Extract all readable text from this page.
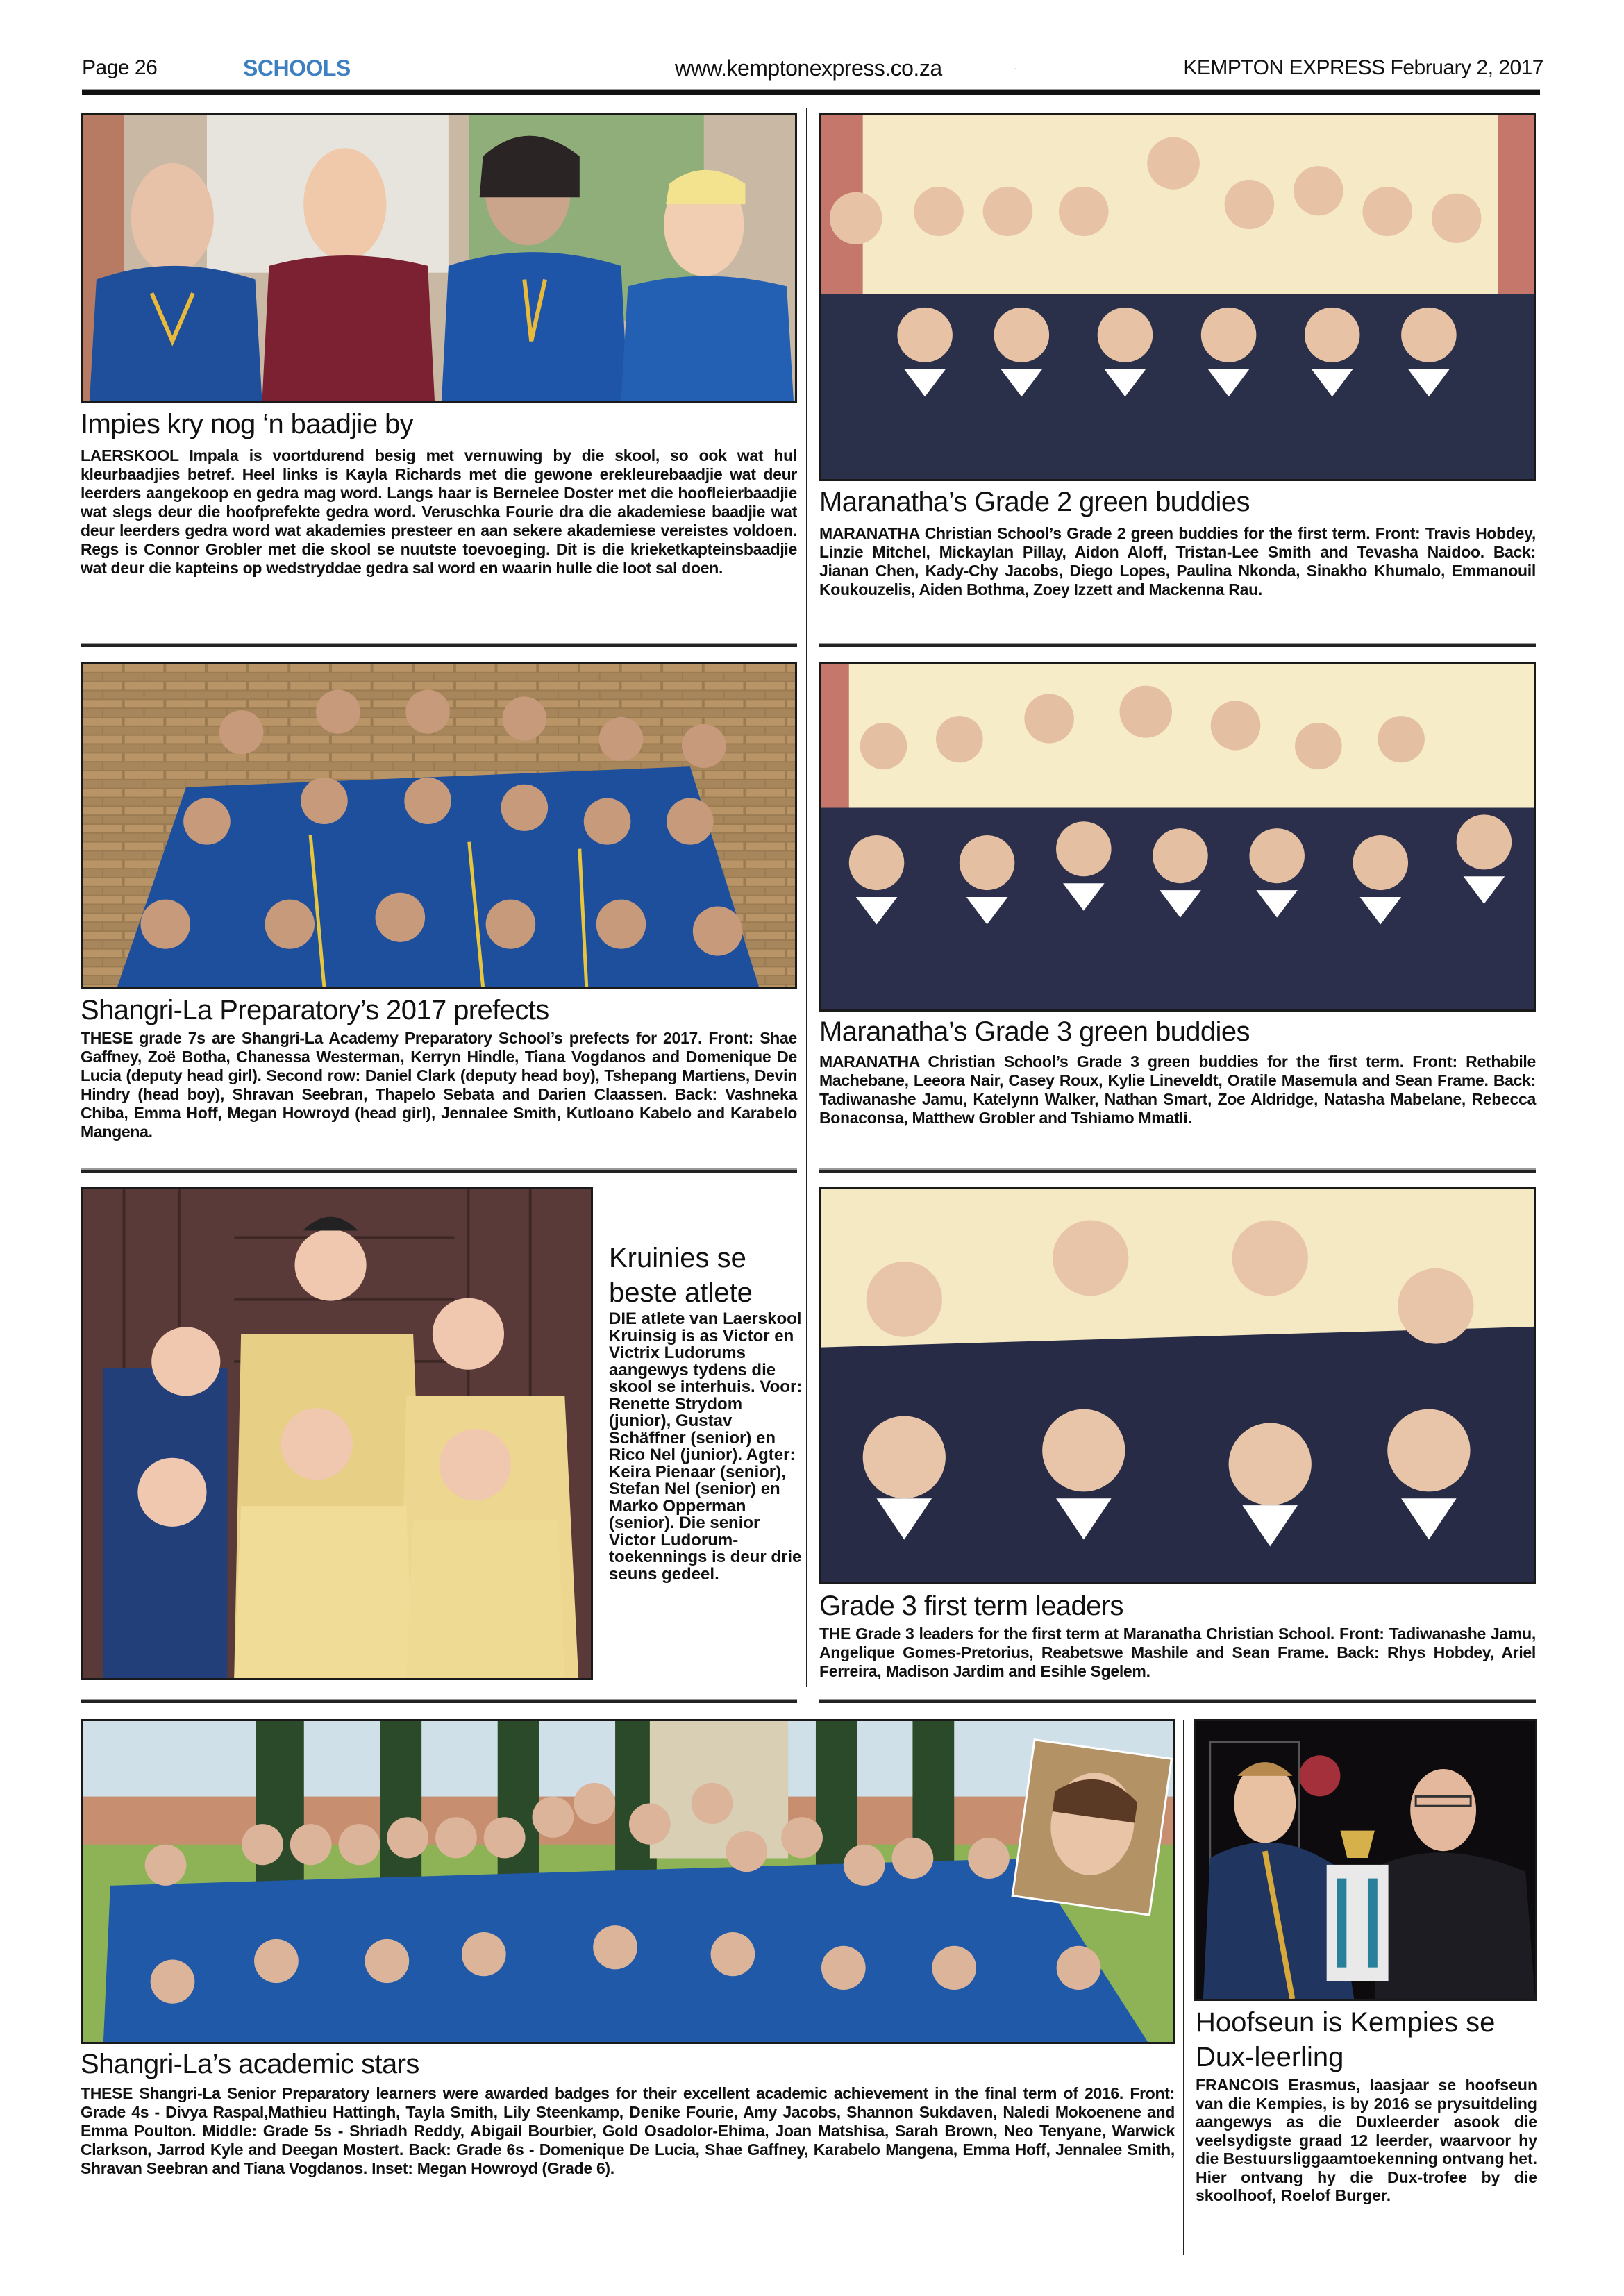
Page 26	SCHOOLS	www.kemptonexpress.co.za	· ·	KEMPTON EXPRESS February 2, 2017
Impies kry nog ‘n baadjie by
LAERSKOOL Impala is voortdurend besig met vernuwing by die skool, so ook wat hul kleurbaadjies betref. Heel links is Kayla Richards met die gewone erekleurebaadjie wat deur leerders aangekoop en gedra mag word. Langs haar is Bernelee Doster met die hoofleierbaadjie wat slegs deur die hoofprefekte gedra word. Veruschka Fourie dra die akademiese baadjie wat deur leerders gedra word wat akademies presteer en aan sekere akademiese vereistes voldoen. Regs is Connor Grobler met die skool se nuutste toevoeging. Dit is die krieketkapteinsbaadjie wat deur die kapteins op wedstryddae gedra sal word en waarin hulle die loot sal doen.
Maranatha’s Grade 2 green buddies
MARANATHA Christian School’s Grade 2 green buddies for the first term. Front: Travis Hobdey, Linzie Mitchel, Mickaylan Pillay, Aidon Aloff, Tristan-Lee Smith and Tevasha Naidoo. Back: Jianan Chen, Kady-Chy Jacobs, Diego Lopes, Paulina Nkonda, Sinakho Khumalo, Emmanouil Koukouzelis, Aiden Bothma, Zoey Izzett and Mackenna Rau.
Shangri-La Preparatory’s 2017 prefects
THESE grade 7s are Shangri-La Academy Preparatory School’s prefects for 2017. Front: Shae Gaffney, Zoë Botha, Chanessa Westerman, Kerryn Hindle, Tiana Vogdanos and Domenique De Lucia (deputy head girl). Second row: Daniel Clark (deputy head boy), Tshepang Martiens, Devin Hindry (head boy), Shravan Seebran, Thapelo Sebata and Darien Claassen. Back: Vashneka Chiba, Emma Hoff, Megan Howroyd (head girl), Jennalee Smith, Kutloano Kabelo and Karabelo Mangena.
Maranatha’s Grade 3 green buddies
MARANATHA Christian School’s Grade 3 green buddies for the first term. Front: Rethabile Machebane, Leeora Nair, Casey Roux, Kylie Lineveldt, Oratile Masemula and Sean Frame. Back: Tadiwanashe Jamu, Katelynn Walker, Nathan Smart, Zoe Aldridge, Natasha Mabelane, Rebecca Bonaconsa, Matthew Grobler and Tshiamo Mmatli.
Kruinies se
beste atlete
DIE atlete van Laerskool Kruinsig is as Victor en Victrix Ludorums aangewys tydens die skool se interhuis. Voor: Renette Strydom (junior), Gustav Schäffner (senior) en Rico Nel (junior). Agter: Keira Pienaar (senior), Stefan Nel (senior) en Marko Opperman (senior). Die senior Victor Ludorum-toekennings is deur drie seuns gedeel.
Grade 3 first term leaders
THE Grade 3 leaders for the first term at Maranatha Christian School. Front: Tadiwanashe Jamu, Angelique Gomes-Pretorius, Reabetswe Mashile and Sean Frame. Back: Rhys Hobdey, Ariel Ferreira, Madison Jardim and Esihle Sgelem.
Shangri-La’s academic stars
THESE Shangri-La Senior Preparatory learners were awarded badges for their excellent academic achievement in the final term of 2016. Front: Grade 4s - Divya Raspal,Mathieu Hattingh, Tayla Smith, Lily Steenkamp, Denike Fourie, Amy Jacobs, Shannon Sukdaven, Naledi Mokoenene and Emma Poulton. Middle: Grade 5s - Shriadh Reddy, Abigail Bourbier, Gold Osadolor-Ehima, Joan Matshisa, Sarah Brown, Neo Tenyane, Warwick Clarkson, Jarrod Kyle and Deegan Mostert. Back: Grade 6s - Domenique De Lucia, Shae Gaffney, Karabelo Mangena, Emma Hoff, Jennalee Smith, Shravan Seebran and Tiana Vogdanos. Inset: Megan Howroyd (Grade 6).
Hoofseun is Kempies se
Dux-leerling
FRANCOIS Erasmus, laasjaar se hoofseun van die Kempies, is by 2016 se prysuitdeling aangewys as die Duxleerder asook die veelsydigste graad 12 leerder, waarvoor hy die Bestuursliggaamtoekenning ontvang het. Hier ontvang hy die Dux-trofee by die skoolhoof, Roelof Burger.
